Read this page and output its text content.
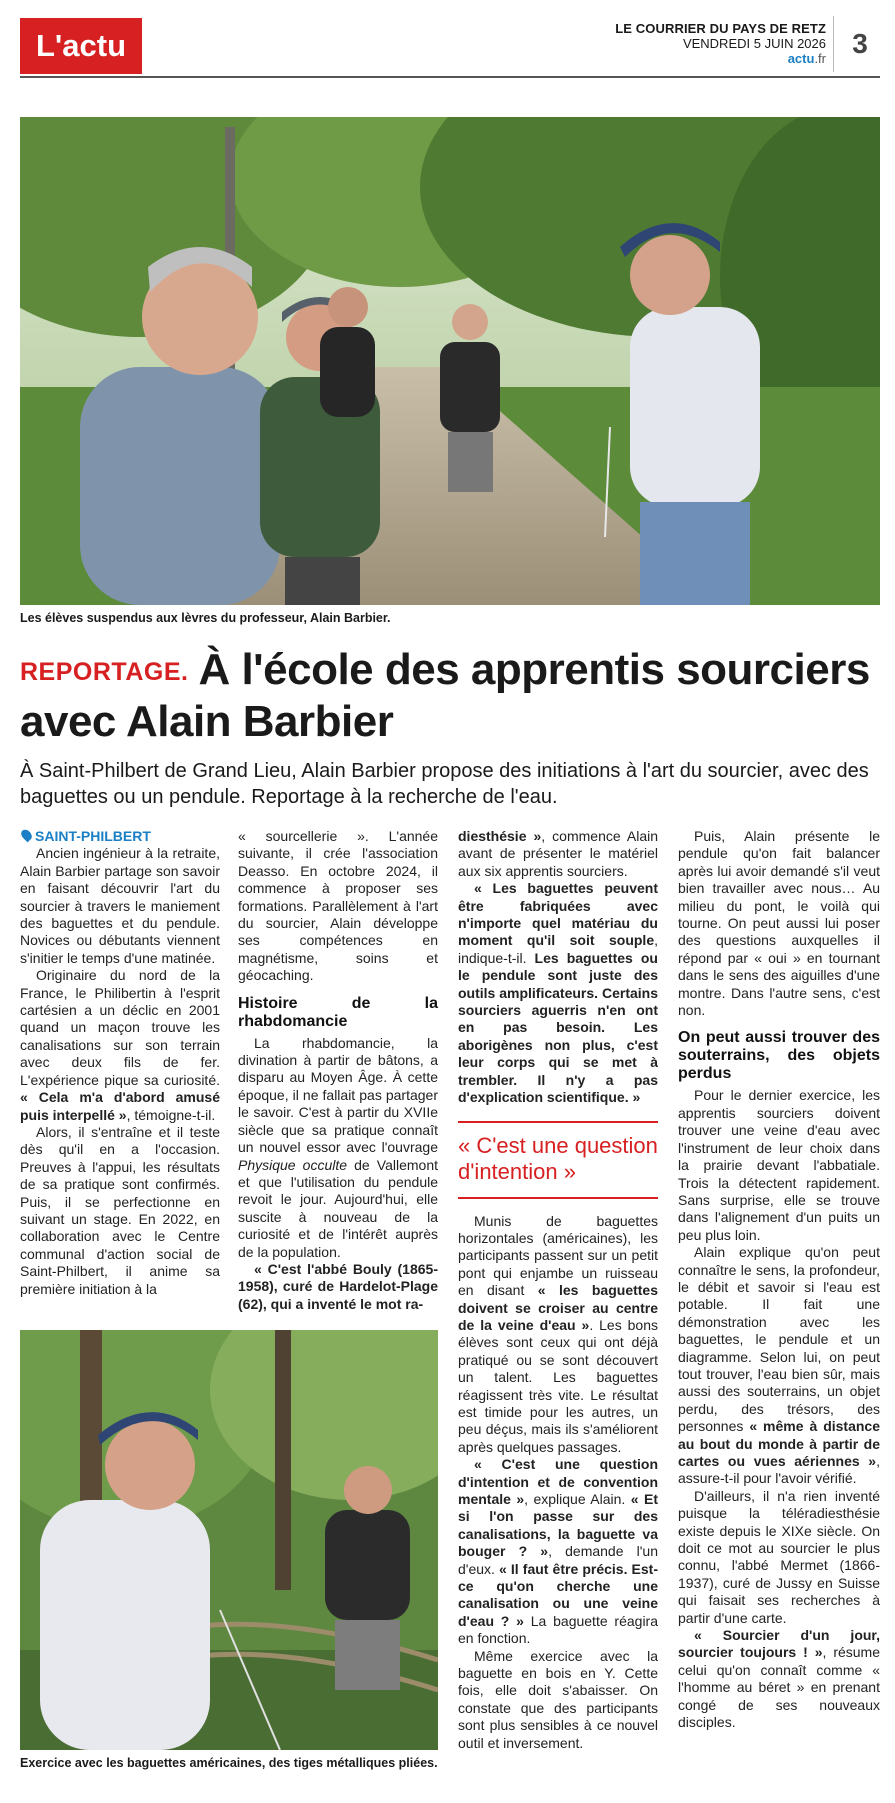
L'actu	LE COURRIER DU PAYS DE RETZ
VENDREDI 5 JUIN 2026
actu.fr 3
Les élèves suspendus aux lèvres du professeur, Alain Barbier.
REPORTAGE. À l'école des apprentis sourciers avec Alain Barbier

À Saint-Philbert de Grand Lieu, Alain Barbier propose des initiations à l'art du sourcier, avec des baguettes ou un pendule. Reportage à la recherche de l'eau.

SAINT-PHILBERT

Ancien ingénieur à la retraite, Alain Barbier partage son savoir en faisant découvrir l'art du sourcier à travers le maniement des baguettes et du pendule. Novices ou débutants viennent s'initier le temps d'une matinée.

Originaire du nord de la France, le Philibertin à l'esprit cartésien a un déclic en 2001 quand un maçon trouve les canalisations sur son terrain avec deux fils de fer. L'expérience pique sa curiosité. « Cela m'a d'abord amusé puis interpellé », témoigne-t-il.

Alors, il s'entraîne et il teste dès qu'il en a l'occasion. Preuves à l'appui, les résultats de sa pratique sont confirmés. Puis, il se perfectionne en suivant un stage. En 2022, en collaboration avec le Centre communal d'action social de Saint-Philbert, il anime sa première initiation à la

« sourcellerie ». L'année suivante, il crée l'association Deasso. En octobre 2024, il commence à proposer ses formations. Parallèlement à l'art du sourcier, Alain développe ses compétences en magnétisme, soins et géocaching.

Histoire de la rhabdomancie

La rhabdomancie, la divination à partir de bâtons, a disparu au Moyen Âge. À cette époque, il ne fallait pas partager le savoir. C'est à partir du XVIIe siècle que sa pratique connaît un nouvel essor avec l'ouvrage Physique occulte de Vallemont et que l'utilisation du pendule revoit le jour. Aujourd'hui, elle suscite à nouveau de la curiosité et de l'intérêt auprès de la population.

« C'est l'abbé Bouly (1865-1958), curé de Hardelot-Plage (62), qui a inventé le mot ra-

Exercice avec les baguettes américaines, des tiges métalliques pliées.

diesthésie », commence Alain avant de présenter le matériel aux six apprentis sourciers.

« Les baguettes peuvent être fabriquées avec n'importe quel matériau du moment qu'il soit souple, indique-t-il. Les baguettes ou le pendule sont juste des outils amplificateurs. Certains sourciers aguerris n'en ont en pas besoin. Les aborigènes non plus, c'est leur corps qui se met à trembler. Il n'y a pas d'explication scientifique. »

« C'est une question d'intention »

Munis de baguettes horizontales (américaines), les participants passent sur un petit pont qui enjambe un ruisseau en disant « les baguettes doivent se croiser au centre de la veine d'eau ». Les bons élèves sont ceux qui ont déjà pratiqué ou se sont découvert un talent. Les baguettes réagissent très vite. Le résultat est timide pour les autres, un peu déçus, mais ils s'améliorent après quelques passages.

« C'est une question d'intention et de convention mentale », explique Alain. « Et si l'on passe sur des canalisations, la baguette va bouger ? », demande l'un d'eux. « Il faut être précis. Est-ce qu'on cherche une canalisation ou une veine d'eau ? » La baguette réagira en fonction.

Même exercice avec la baguette en bois en Y. Cette fois, elle doit s'abaisser. On constate que des participants sont plus sensibles à ce nouvel outil et inversement.

Puis, Alain présente le pendule qu'on fait balancer après lui avoir demandé s'il veut bien travailler avec nous… Au milieu du pont, le voilà qui tourne. On peut aussi lui poser des questions auxquelles il répond par « oui » en tournant dans le sens des aiguilles d'une montre. Dans l'autre sens, c'est non.

On peut aussi trouver des souterrains, des objets perdus

Pour le dernier exercice, les apprentis sourciers doivent trouver une veine d'eau avec l'instrument de leur choix dans la prairie devant l'abbatiale. Trois la détectent rapidement. Sans surprise, elle se trouve dans l'alignement d'un puits un peu plus loin.

Alain explique qu'on peut connaître le sens, la profondeur, le débit et savoir si l'eau est potable. Il fait une démonstration avec les baguettes, le pendule et un diagramme. Selon lui, on peut tout trouver, l'eau bien sûr, mais aussi des souterrains, un objet perdu, des trésors, des personnes « même à distance au bout du monde à partir de cartes ou vues aériennes », assure-t-il pour l'avoir vérifié.

D'ailleurs, il n'a rien inventé puisque la téléradiesthésie existe depuis le XIXe siècle. On doit ce mot au sourcier le plus connu, l'abbé Mermet (1866-1937), curé de Jussy en Suisse qui faisait ses recherches à partir d'une carte.

« Sourcier d'un jour, sourcier toujours ! », résume celui qu'on connaît comme « l'homme au béret » en prenant congé de ses nouveaux disciples.
